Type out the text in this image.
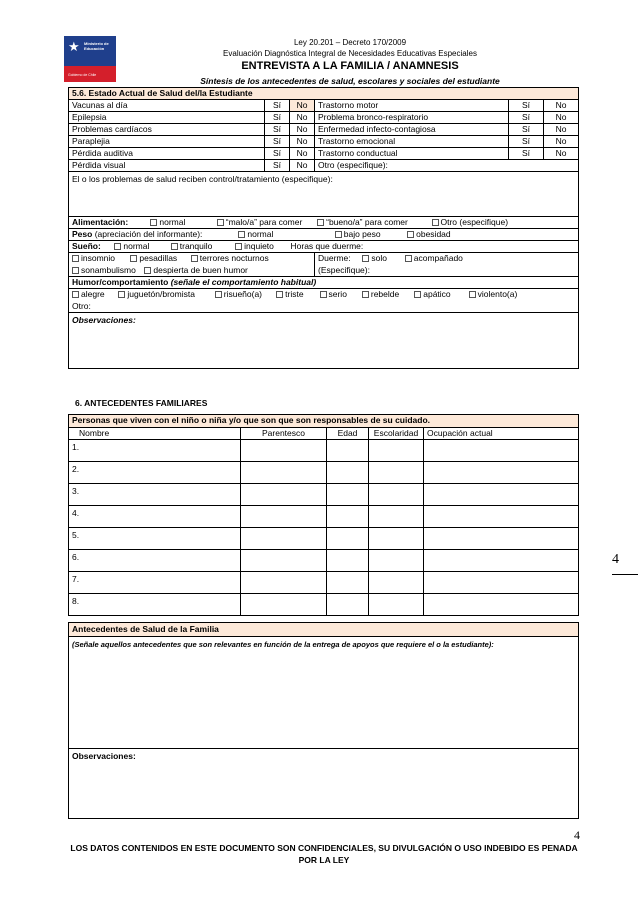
★	Ministerio de Educación
Gobierno de Chile
Ley 20.201 – Decreto 170/2009
Evaluación Diagnóstica Integral de Necesidades Educativas Especiales
ENTREVISTA A LA FAMILIA / ANAMNESIS
Síntesis de los antecedentes de salud, escolares y sociales del estudiante
5.6. Estado Actual de Salud del/la Estudiante					
Vacunas al día	Sí	No	Trastorno motor	Sí	No
Epilepsia	Sí	No	Problema bronco-respiratorio	Sí	No
Problemas cardíacos	Sí	No	Enfermedad infecto-contagiosa	Sí	No
Paraplejia	Sí	No	Trastorno emocional	Sí	No
Pérdida auditiva	Sí	No	Trastorno conductual	Sí	No
Pérdida visual	Sí	No	Otro (especifique):		
El o los problemas de salud reciben control/tratamiento (especifique):					
Alimentación: normal “malo/a” para comer “bueno/a” para comer Otro (especifique)					
Peso (apreciación del informante): normal bajo peso obesidad					
Sueño: normal tranquilo inquieto Horas que duerme:					
insomnio pesadillas terrores nocturnos			Duerme: solo acompañado		
sonambulismo despierta de buen humor			(Especifique):		
Humor/comportamiento (señale el comportamiento habitual)					
alegre juguetón/bromista risueño(a) triste serio rebelde apático violento(a)					
Otro:					
Observaciones:					
6. ANTECEDENTES FAMILIARES
Personas que viven con el niño o niña y/o que son que son responsables de su cuidado.				
Nombre	Parentesco	Edad	Escolaridad	Ocupación actual
1.				
2.				
3.				
4.				
5.				
6.				
7.				
8.				
Antecedentes de Salud de la Familia
(Señale aquellos antecedentes que son relevantes en función de la entrega de apoyos que requiere el o la estudiante):
Observaciones:
4
4
LOS DATOS CONTENIDOS EN ESTE DOCUMENTO SON CONFIDENCIALES, SU DIVULGACIÓN O USO INDEBIDO ES PENADA POR LA LEY
